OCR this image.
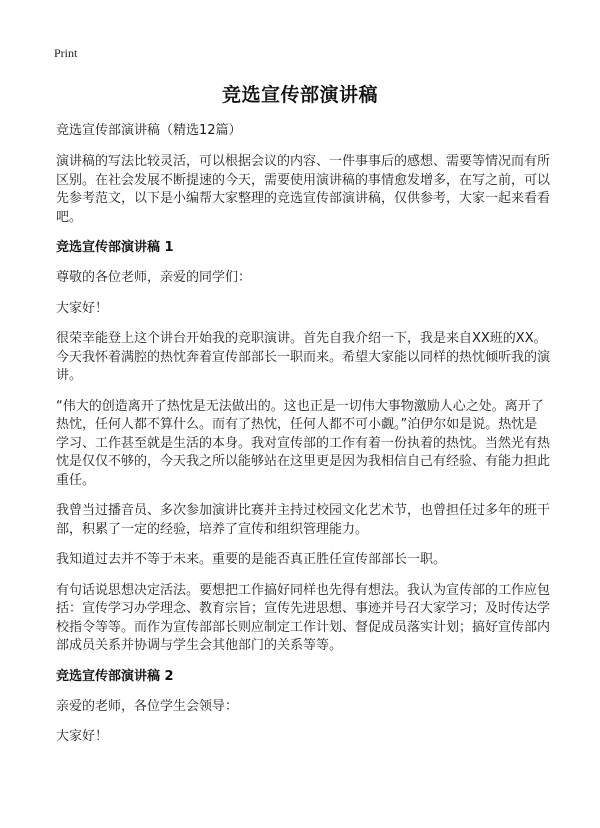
Print
竞选宣传部演讲稿

竞选宣传部演讲稿（精选12篇）

演讲稿的写法比较灵活，可以根据会议的内容、一件事事后的感想、需要等情况而有所区别。在社会发展不断提速的今天，需要使用演讲稿的事情愈发增多，在写之前，可以先参考范文，以下是小编帮大家整理的竞选宣传部演讲稿，仅供参考，大家一起来看看吧。

竞选宣传部演讲稿 1

尊敬的各位老师，亲爱的同学们：

大家好！

很荣幸能登上这个讲台开始我的竞职演讲。首先自我介绍一下，我是来自XX班的XX。今天我怀着满腔的热忱奔着宣传部部长一职而来。希望大家能以同样的热忱倾听我的演讲。

“伟大的创造离开了热忱是无法做出的。这也正是一切伟大事物激励人心之处。离开了热忱，任何人都不算什么。而有了热忱，任何人都不可小觑。”泊伊尔如是说。热忱是学习、工作甚至就是生活的本身。我对宣传部的工作有着一份执着的热忱。当然光有热忱是仅仅不够的，今天我之所以能够站在这里更是因为我相信自己有经验、有能力担此重任。

我曾当过播音员、多次参加演讲比赛并主持过校园文化艺术节，也曾担任过多年的班干部，积累了一定的经验，培养了宣传和组织管理能力。

我知道过去并不等于未来。重要的是能否真正胜任宣传部部长一职。

有句话说思想决定活法。要想把工作搞好同样也先得有想法。我认为宣传部的工作应包括：宣传学习办学理念、教育宗旨；宣传先进思想、事迹并号召大家学习；及时传达学校指令等等。而作为宣传部部长则应制定工作计划、督促成员落实计划；搞好宣传部内部成员关系并协调与学生会其他部门的关系等等。

竞选宣传部演讲稿 2

亲爱的老师，各位学生会领导：

大家好！
